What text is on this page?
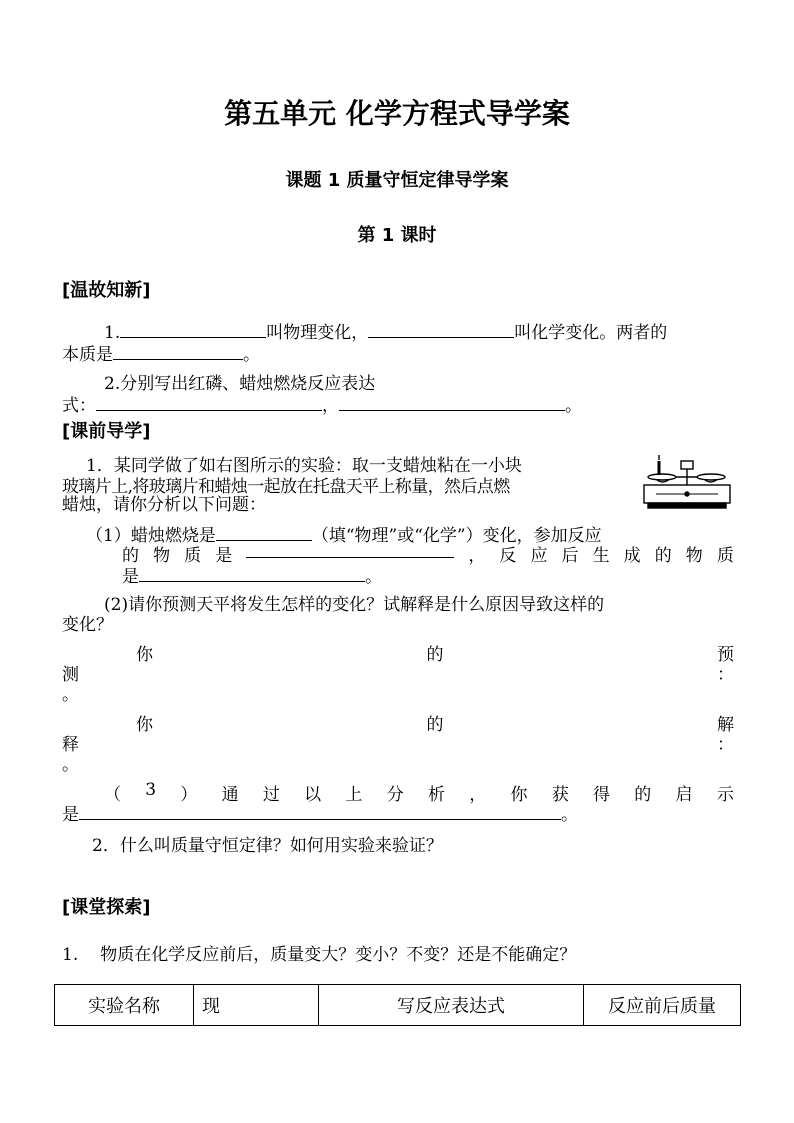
第五单元 化学方程式导学案
课题 1 质量守恒定律导学案
第 1 课时
[温故知新]
1.	叫物理变化，	叫化学变化。两者的
本质是	。
2.分别写出红磷、蜡烛燃烧反应表达
式：	，	。
[课前导学]
1．某同学做了如右图所示的实验：取一支蜡烛粘在一小块
玻璃片上,将玻璃片和蜡烛一起放在托盘天平上称量，然后点燃
蜡烛，请你分析以下问题：
（1）蜡烛燃烧是	（填“物理”或“化学”）变化，参加反应
的 物 质 是	， 反 应 后 生 成 的 物 质
是	。
(2)请你预测天平将发生怎样的变化？试解释是什么原因导致这样的
变化？
你	的	预
测	：
。
你	的	解
释	：
。
（ 3 ） 通 过 以 上 分 析 ， 你 获 得 的 启 示
是	。
2．什么叫质量守恒定律？如何用实验来验证？
[课堂探索]
1. 物质在化学反应前后，质量变大？变小？不变？还是不能确定？
实验名称	现	写反应表达式	反应前后质量
